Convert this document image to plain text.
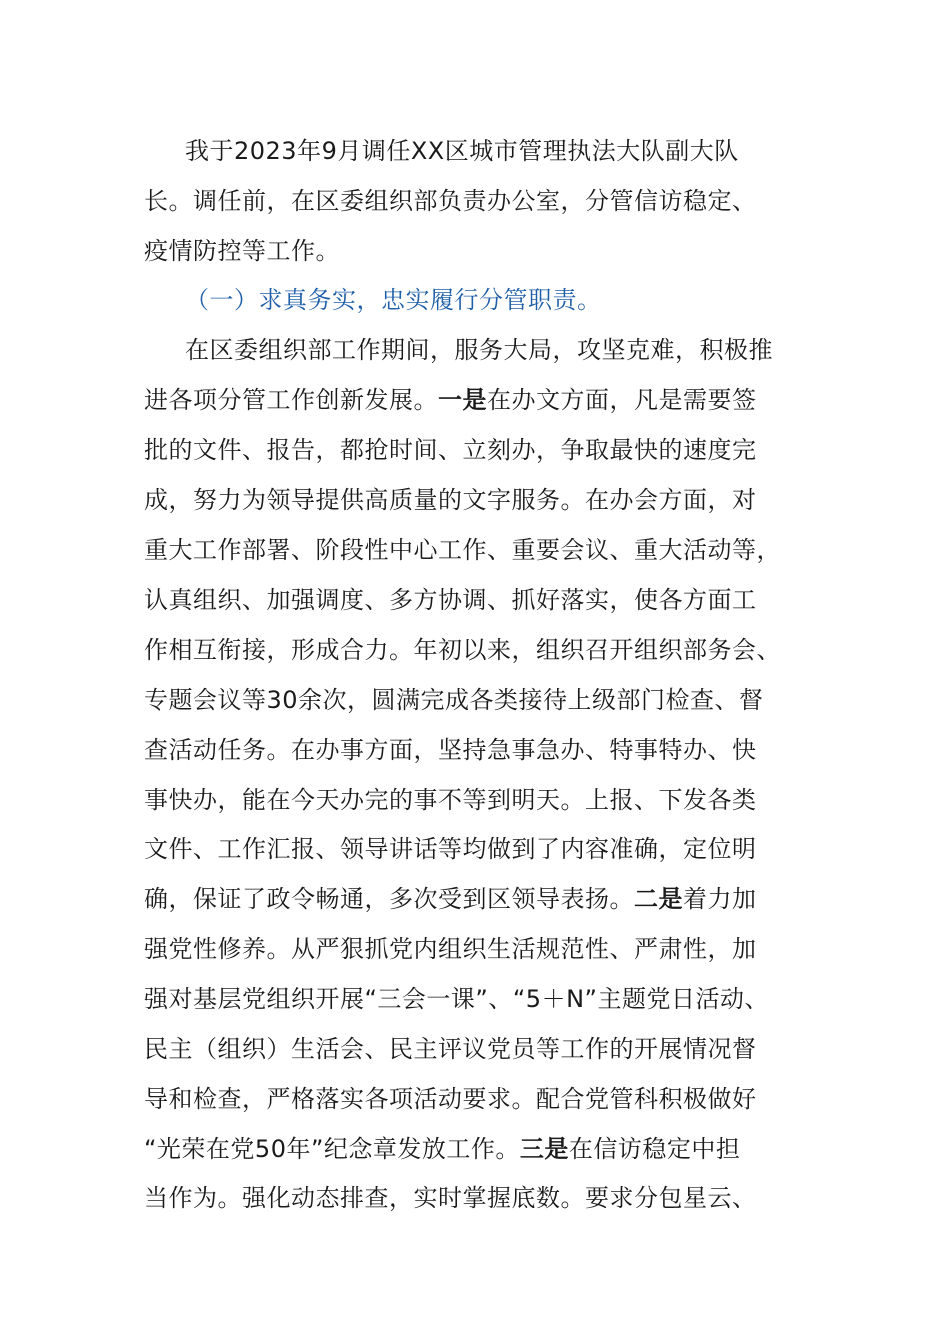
我于2023年9月调任XX区城市管理执法大队副大队
长。调任前，在区委组织部负责办公室，分管信访稳定、
疫情防控等工作。
（一）求真务实，忠实履行分管职责。
在区委组织部工作期间，服务大局，攻坚克难，积极推
进各项分管工作创新发展。一是在办文方面，凡是需要签
批的文件、报告，都抢时间、立刻办，争取最快的速度完
成，努力为领导提供高质量的文字服务。在办会方面，对
重大工作部署、阶段性中心工作、重要会议、重大活动等，
认真组织、加强调度、多方协调、抓好落实，使各方面工
作相互衔接，形成合力。年初以来，组织召开组织部务会、
专题会议等30余次，圆满完成各类接待上级部门检查、督
查活动任务。在办事方面，坚持急事急办、特事特办、快
事快办，能在今天办完的事不等到明天。上报、下发各类
文件、工作汇报、领导讲话等均做到了内容准确，定位明
确，保证了政令畅通，多次受到区领导表扬。二是着力加
强党性修养。从严狠抓党内组织生活规范性、严肃性，加
强对基层党组织开展“三会一课”、“5＋N”主题党日活动、
民主（组织）生活会、民主评议党员等工作的开展情况督
导和检查，严格落实各项活动要求。配合党管科积极做好
“光荣在党50年”纪念章发放工作。三是在信访稳定中担
当作为。强化动态排查，实时掌握底数。要求分包星云、
